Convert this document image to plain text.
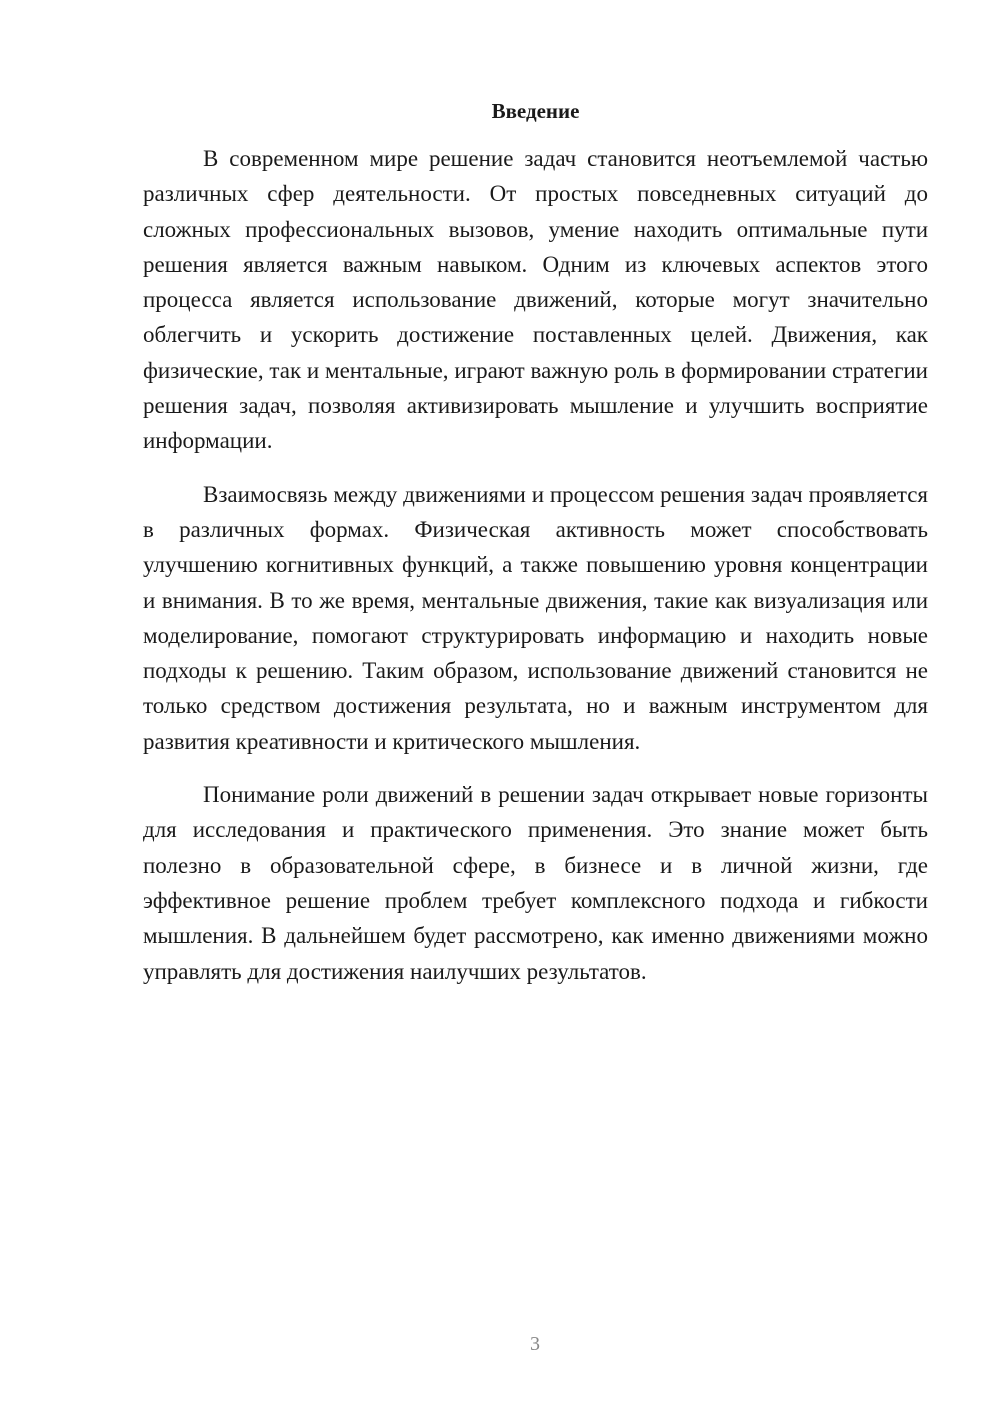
Введение

В современном мире решение задач становится неотъемлемой частью различных сфер деятельности. От простых повседневных ситуаций до сложных профессиональных вызовов, умение находить оптимальные пути решения является важным навыком. Одним из ключевых аспектов этого процесса является использование движений, которые могут значительно облегчить и ускорить достижение поставленных целей. Движения, как физические, так и ментальные, играют важную роль в формировании стратегии решения задач, позволяя активизировать мышление и улучшить восприятие информации.

Взаимосвязь между движениями и процессом решения задач проявляется в различных формах. Физическая активность может способствовать улучшению когнитивных функций, а также повышению уровня концентрации и внимания. В то же время, ментальные движения, такие как визуализация или моделирование, помогают структурировать информацию и находить новые подходы к решению. Таким образом, использование движений становится не только средством достижения результата, но и важным инструментом для развития креативности и критического мышления.

Понимание роли движений в решении задач открывает новые горизонты для исследования и практического применения. Это знание может быть полезно в образовательной сфере, в бизнесе и в личной жизни, где эффективное решение проблем требует комплексного подхода и гибкости мышления. В дальнейшем будет рассмотрено, как именно движениями можно управлять для достижения наилучших результатов.

3
